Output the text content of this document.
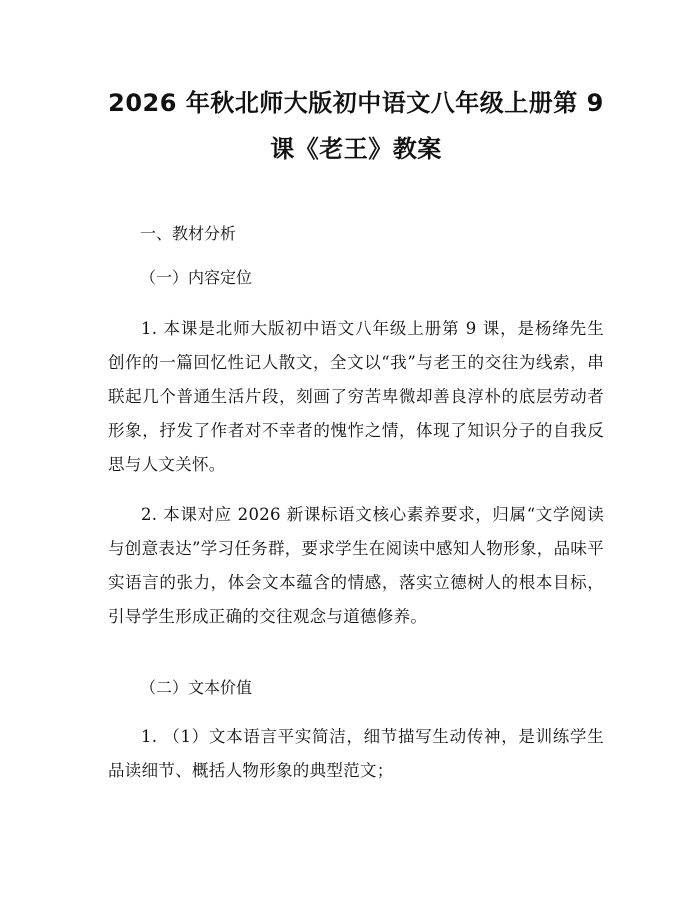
2026 年秋北师大版初中语文八年级上册第 9
课《老王》教案

一、教材分析

（一）内容定位

1. 本课是北师大版初中语文八年级上册第 9 课，是杨绛先生创作的一篇回忆性记人散文，全文以“我”与老王的交往为线索，串联起几个普通生活片段，刻画了穷苦卑微却善良淳朴的底层劳动者形象，抒发了作者对不幸者的愧怍之情，体现了知识分子的自我反思与人文关怀。

2. 本课对应 2026 新课标语文核心素养要求，归属“文学阅读与创意表达”学习任务群，要求学生在阅读中感知人物形象，品味平实语言的张力，体会文本蕴含的情感，落实立德树人的根本目标，引导学生形成正确的交往观念与道德修养。

（二）文本价值

1. （1）文本语言平实简洁，细节描写生动传神，是训练学生品读细节、概括人物形象的典型范文；
